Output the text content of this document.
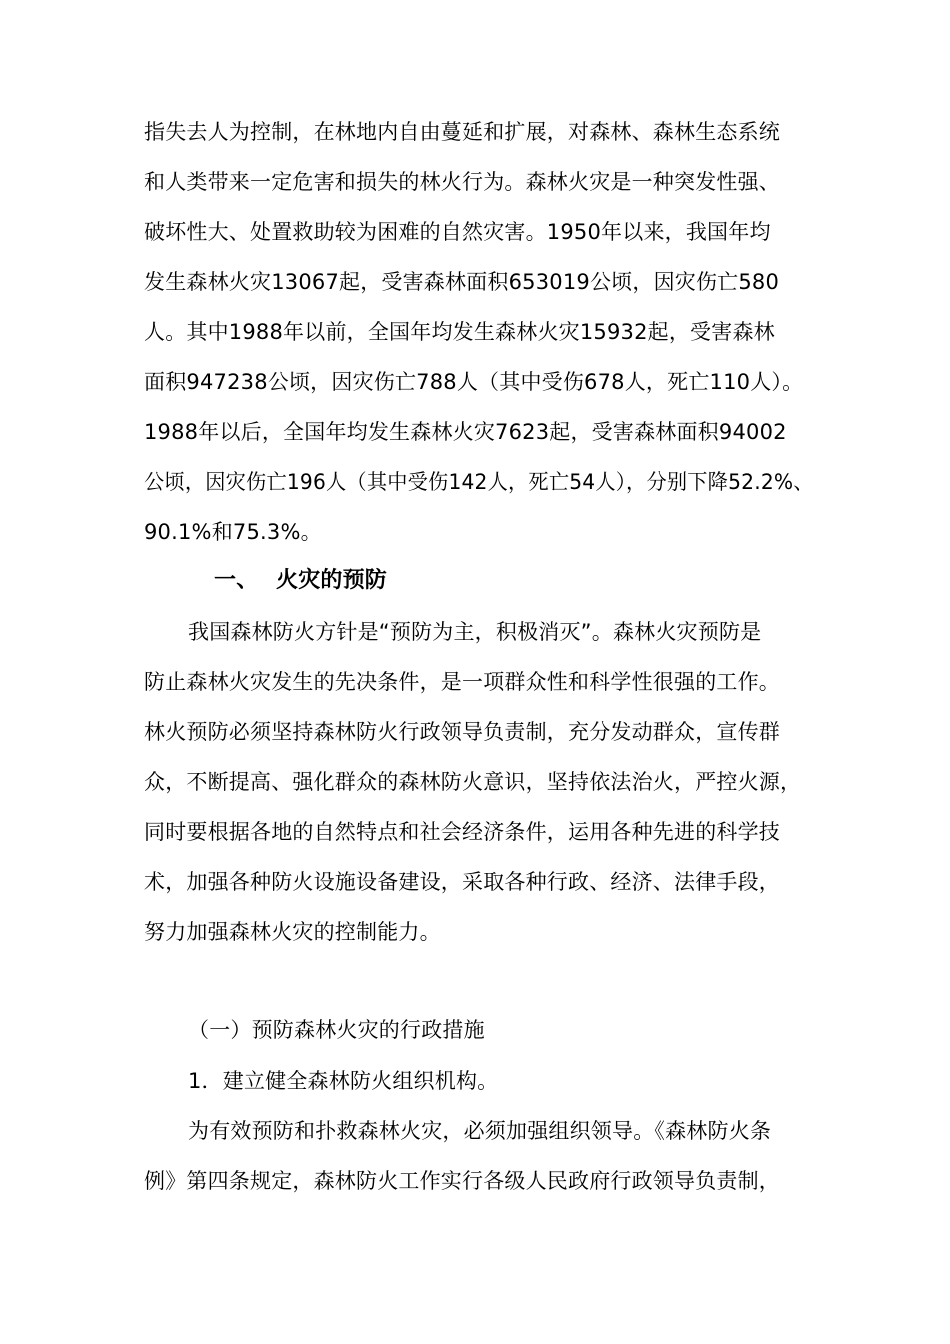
指失去人为控制，在林地内自由蔓延和扩展，对森林、森林生态系统
和人类带来一定危害和损失的林火行为。森林火灾是一种突发性强、
破坏性大、处置救助较为困难的自然灾害。1950年以来，我国年均
发生森林火灾13067起，受害森林面积653019公顷，因灾伤亡580
人。其中1988年以前，全国年均发生森林火灾15932起，受害森林
面积947238公顷，因灾伤亡788人（其中受伤678人，死亡110人）。
1988年以后，全国年均发生森林火灾7623起，受害森林面积94002
公顷，因灾伤亡196人（其中受伤142人，死亡54人），分别下降52.2%、
90.1%和75.3%。
一、 火灾的预防
我国森林防火方针是“预防为主，积极消灭”。森林火灾预防是
防止森林火灾发生的先决条件，是一项群众性和科学性很强的工作。
林火预防必须坚持森林防火行政领导负责制，充分发动群众，宣传群
众，不断提高、强化群众的森林防火意识，坚持依法治火，严控火源，
同时要根据各地的自然特点和社会经济条件，运用各种先进的科学技
术，加强各种防火设施设备建设，采取各种行政、经济、法律手段，
努力加强森林火灾的控制能力。
（一）预防森林火灾的行政措施
1．建立健全森林防火组织机构。
为有效预防和扑救森林火灾，必须加强组织领导。《森林防火条
例》第四条规定，森林防火工作实行各级人民政府行政领导负责制，
